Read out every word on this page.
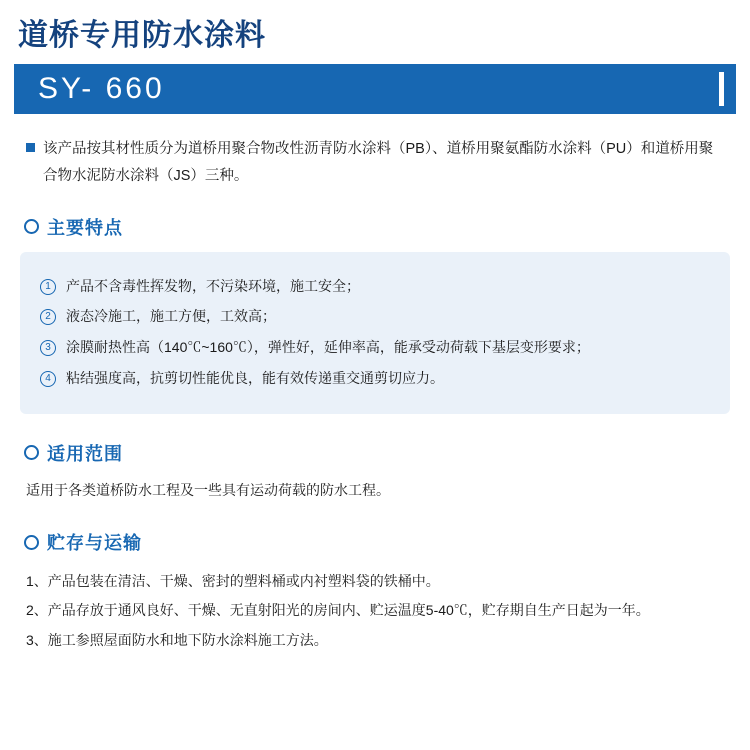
道桥专用防水涂料
SY- 660
该产品按其材性质分为道桥用聚合物改性沥青防水涂料（PB）、道桥用聚氨酯防水涂料（PU）和道桥用聚合物水泥防水涂料（JS）三种。
主要特点
1	产品不含毒性挥发物，不污染环境，施工安全；
2	液态冷施工，施工方便，工效高；
3	涂膜耐热性高（140℃~160℃），弹性好，延伸率高，能承受动荷载下基层变形要求；
4	粘结强度高，抗剪切性能优良，能有效传递重交通剪切应力。
适用范围
适用于各类道桥防水工程及一些具有运动荷载的防水工程。
贮存与运输
1、产品包装在清洁、干燥、密封的塑料桶或内衬塑料袋的铁桶中。
2、产品存放于通风良好、干燥、无直射阳光的房间内、贮运温度5-40℃，贮存期自生产日起为一年。
3、施工参照屋面防水和地下防水涂料施工方法。
